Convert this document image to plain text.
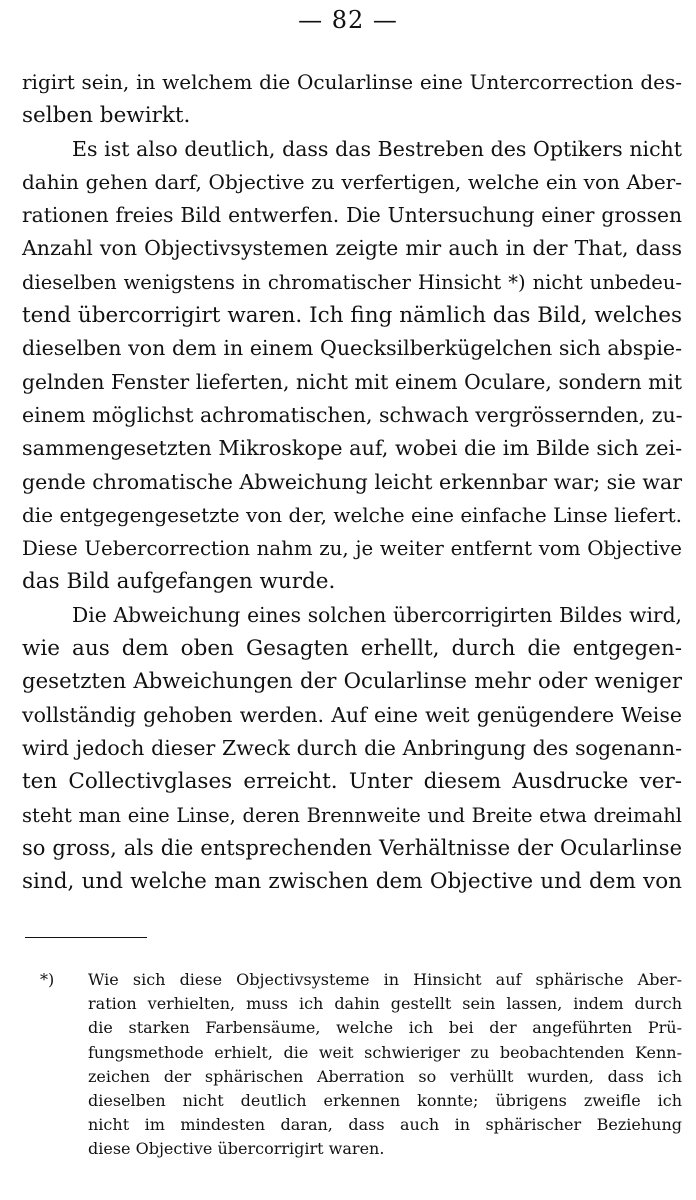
— 82 —

rigirt sein, in welchem die Ocularlinse eine Untercorrection des-
selben bewirkt.

Es ist also deutlich, dass das Bestreben des Optikers nicht
dahin gehen darf, Objective zu verfertigen, welche ein von Aber-
rationen freies Bild entwerfen. Die Untersuchung einer grossen
Anzahl von Objectivsystemen zeigte mir auch in der That, dass
dieselben wenigstens in chromatischer Hinsicht *) nicht unbedeu-
tend übercorrigirt waren. Ich fing nämlich das Bild, welches
dieselben von dem in einem Quecksilberkügelchen sich abspie-
gelnden Fenster lieferten, nicht mit einem Oculare, sondern mit
einem möglichst achromatischen, schwach vergrössernden, zu-
sammengesetzten Mikroskope auf, wobei die im Bilde sich zei-
gende chromatische Abweichung leicht erkennbar war; sie war
die entgegengesetzte von der, welche eine einfache Linse liefert.
Diese Uebercorrection nahm zu, je weiter entfernt vom Objective
das Bild aufgefangen wurde.

Die Abweichung eines solchen übercorrigirten Bildes wird,
wie aus dem oben Gesagten erhellt, durch die entgegen-
gesetzten Abweichungen der Ocularlinse mehr oder weniger
vollständig gehoben werden. Auf eine weit genügendere Weise
wird jedoch dieser Zweck durch die Anbringung des sogenann-
ten Collectivglases erreicht. Unter diesem Ausdrucke ver-
steht man eine Linse, deren Brennweite und Breite etwa dreimahl
so gross, als die entsprechenden Verhältnisse der Ocularlinse
sind, und welche man zwischen dem Objective und dem von

*) Wie sich diese Objectivsysteme in Hinsicht auf sphärische Aber-
ration verhielten, muss ich dahin gestellt sein lassen, indem durch
die starken Farbensäume, welche ich bei der angeführten Prü-
fungsmethode erhielt, die weit schwieriger zu beobachtenden Kenn-
zeichen der sphärischen Aberration so verhüllt wurden, dass ich
dieselben nicht deutlich erkennen konnte; übrigens zweifle ich
nicht im mindesten daran, dass auch in sphärischer Beziehung
diese Objective übercorrigirt waren.
